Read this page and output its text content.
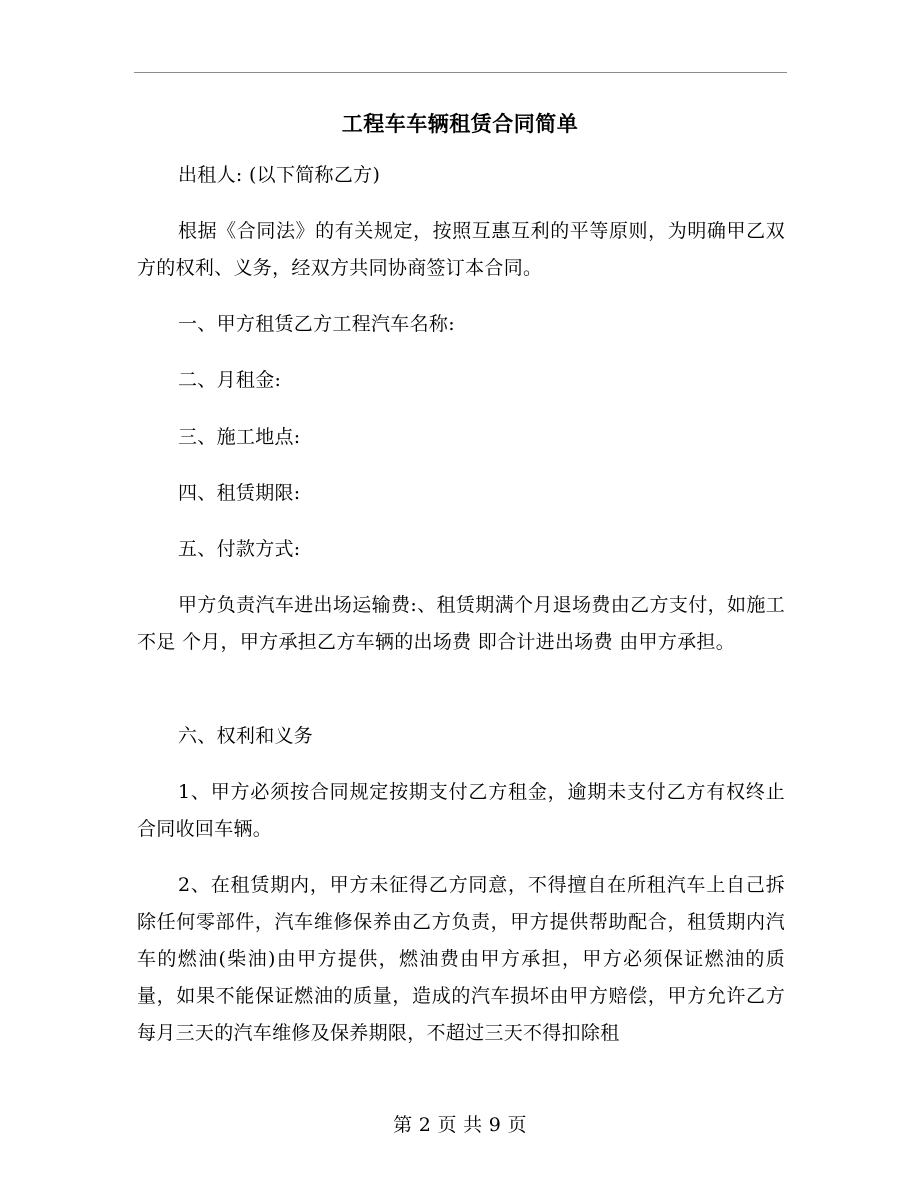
工程车车辆租赁合同简单

出租人: (以下简称乙方)

根据《合同法》的有关规定，按照互惠互利的平等原则，为明确甲乙双方的权利、义务，经双方共同协商签订本合同。

一、甲方租赁乙方工程汽车名称:

二、月租金:

三、施工地点:

四、租赁期限:

五、付款方式:

甲方负责汽车进出场运输费:、租赁期满个月退场费由乙方支付，如施工不足 个月，甲方承担乙方车辆的出场费 即合计进出场费 由甲方承担。

六、权利和义务

1、甲方必须按合同规定按期支付乙方租金，逾期未支付乙方有权终止合同收回车辆。

2、在租赁期内，甲方未征得乙方同意，不得擅自在所租汽车上自己拆除任何零部件，汽车维修保养由乙方负责，甲方提供帮助配合，租赁期内汽车的燃油(柴油)由甲方提供，燃油费由甲方承担，甲方必须保证燃油的质量，如果不能保证燃油的质量，造成的汽车损坏由甲方赔偿，甲方允许乙方每月三天的汽车维修及保养期限，不超过三天不得扣除租

第 2 页 共 9 页
